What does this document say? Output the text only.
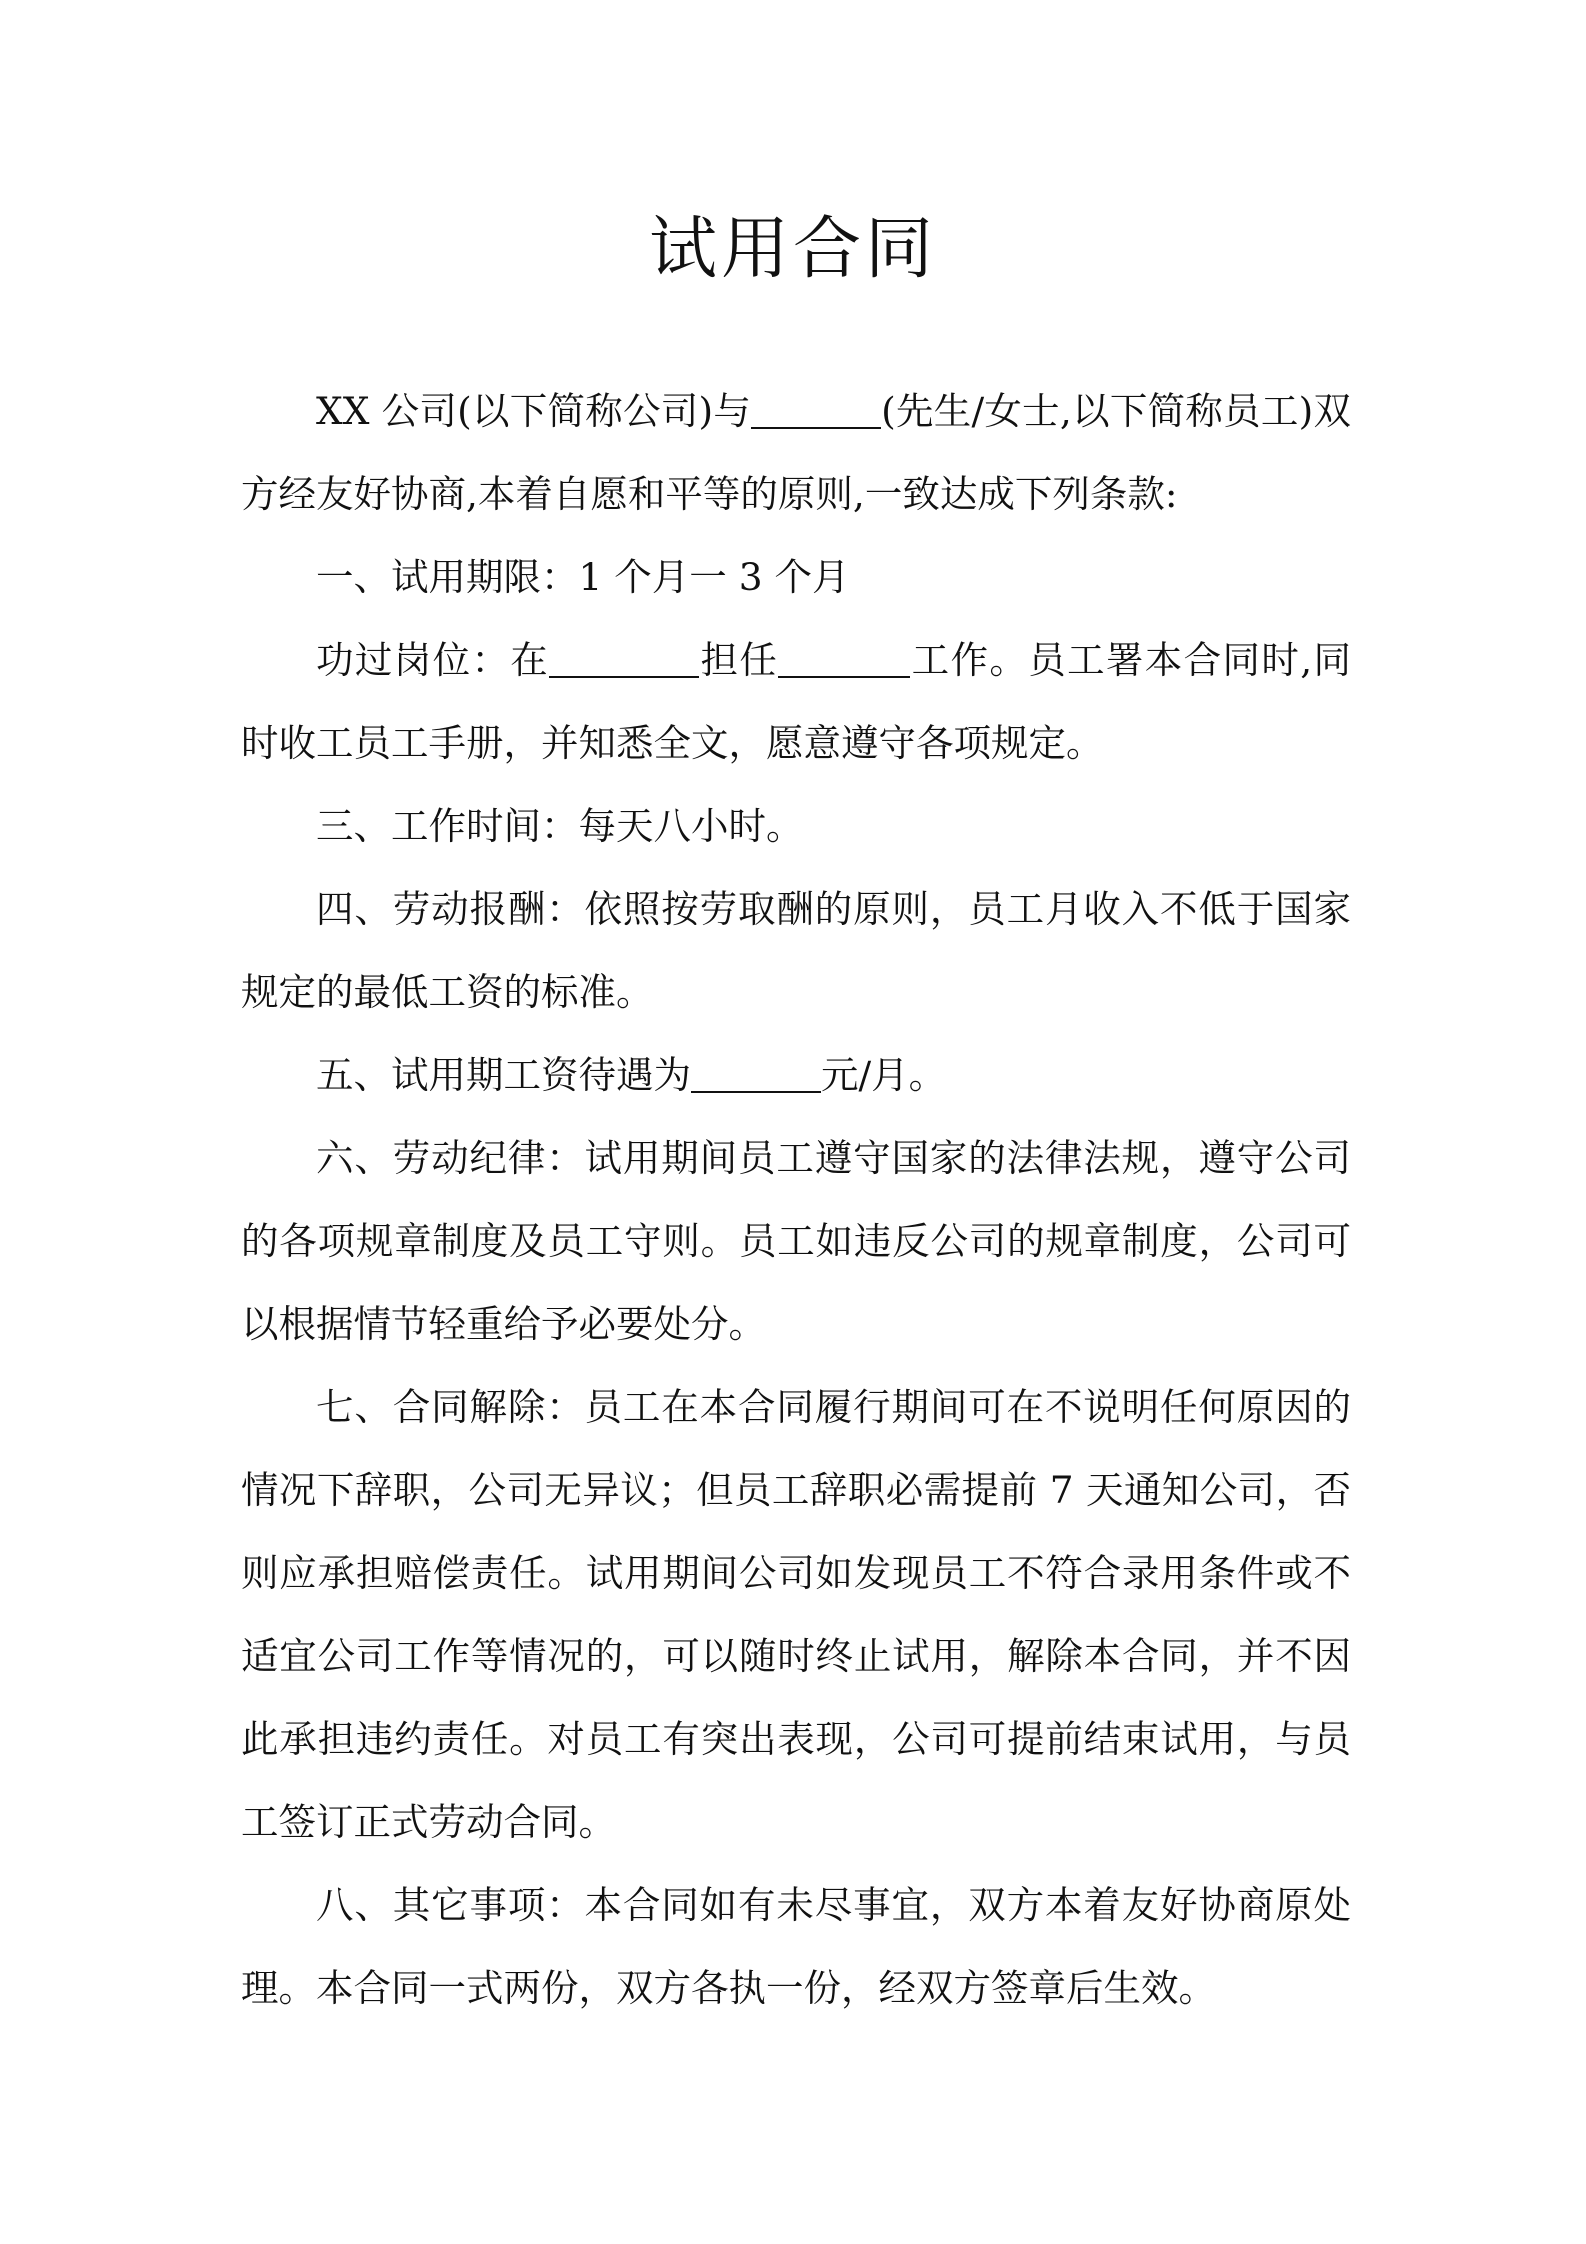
试用合同

XX 公司(以下简称公司)与	(先生/女士,以下简称员工)双方经友好协商,本着自愿和平等的原则,一致达成下列条款:

一、试用期限：1 个月一 3 个月

功过岗位：在	担任	工作。员工署本合同时,同时收工员工手册，并知悉全文，愿意遵守各项规定。

三、工作时间：每天八小时。

四、劳动报酬：依照按劳取酬的原则，员工月收入不低于国家规定的最低工资的标准。

五、试用期工资待遇为	元/月。

六、劳动纪律：试用期间员工遵守国家的法律法规，遵守公司的各项规章制度及员工守则。员工如违反公司的规章制度，公司可以根据情节轻重给予必要处分。

七、合同解除：员工在本合同履行期间可在不说明任何原因的情况下辞职，公司无异议；但员工辞职必需提前 7 天通知公司，否则应承担赔偿责任。试用期间公司如发现员工不符合录用条件或不适宜公司工作等情况的，可以随时终止试用，解除本合同，并不因此承担违约责任。对员工有突出表现，公司可提前结束试用，与员工签订正式劳动合同。

八、其它事项：本合同如有未尽事宜，双方本着友好协商原处理。本合同一式两份，双方各执一份，经双方签章后生效。
